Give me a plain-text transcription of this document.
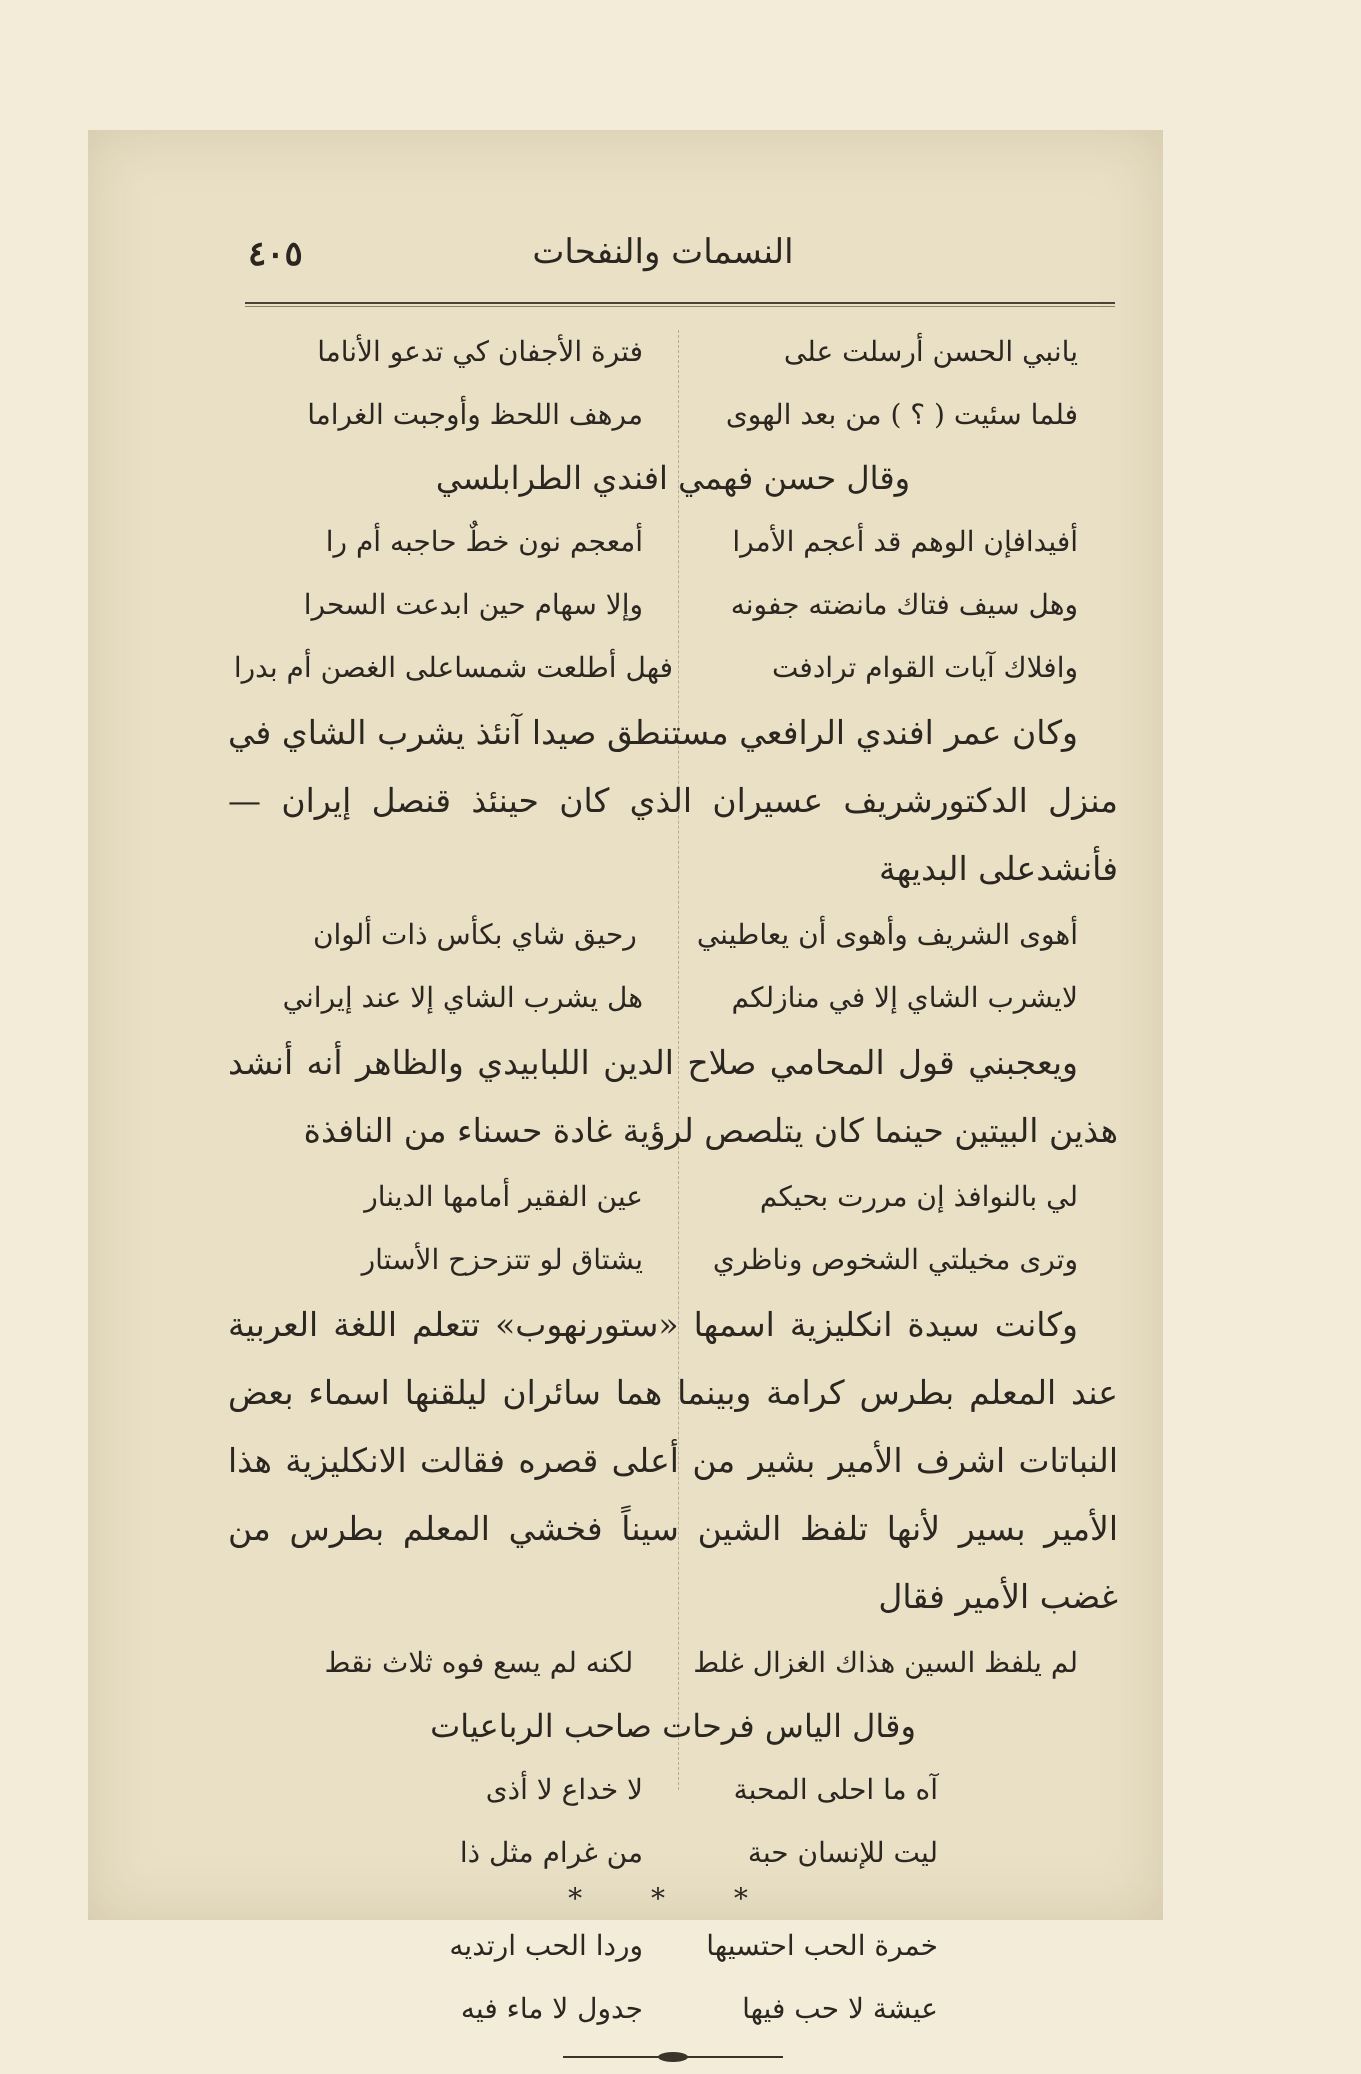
٤٠٥	النسمات والنفحات
يانبي الحسن أرسلت على
فترة الأجفان كي تدعو الأناما
فلما سئيت ( ؟ ) من بعد الهوى
مرهف اللحظ وأوجبت الغراما
وقال حسن فهمي افندي الطرابلسي
أفيدافإن الوهم قد أعجم الأمرا
أمعجم نون خطٌ حاجبه أم را
وهل سيف فتاك مانضته جفونه
وإلا سهام حين ابدعت السحرا
وافلاك آيات القوام ترادفت
فهل أطلعت شمساعلى الغصن أم بدرا

وكان عمر افندي الرافعي مستنطق صيدا آنئذ يشرب الشاي في منزل الدكتورشريف عسيران الذي كان حينئذ قنصل إيران — فأنشدعلى البديهة

أهوى الشريف وأهوى أن يعاطيني
رحيق شاي بكأس ذات ألوان
لايشرب الشاي إلا في منازلكم
هل يشرب الشاي إلا عند إيراني

ويعجبني قول المحامي صلاح الدين اللبابيدي والظاهر أنه أنشد هذين البيتين حينما كان يتلصص لرؤية غادة حسناء من النافذة

لي بالنوافذ إن مررت بحيكم
عين الفقير أمامها الدينار
وترى مخيلتي الشخوص وناظري
يشتاق لو تتزحزح الأستار

وكانت سيدة انكليزية اسمها «ستورنهوب» تتعلم اللغة العربية عند المعلم بطرس كرامة وبينما هما سائران ليلقنها اسماء بعض النباتات اشرف الأمير بشير من أعلى قصره فقالت الانكليزية هذا الأمير بسير لأنها تلفظ الشين سيناً فخشي المعلم بطرس من غضب الأمير فقال

لم يلفظ السين هذاك الغزال غلط
لكنه لم يسع فوه ثلاث نقط
وقال الياس فرحات صاحب الرباعيات
آه ما احلى المحبة
لا خداع لا أذى
ليت للإنسان حبة
من غرام مثل ذا
* * *
خمرة الحب احتسيها
وردا الحب ارتديه
عيشة لا حب فيها
جدول لا ماء فيه
